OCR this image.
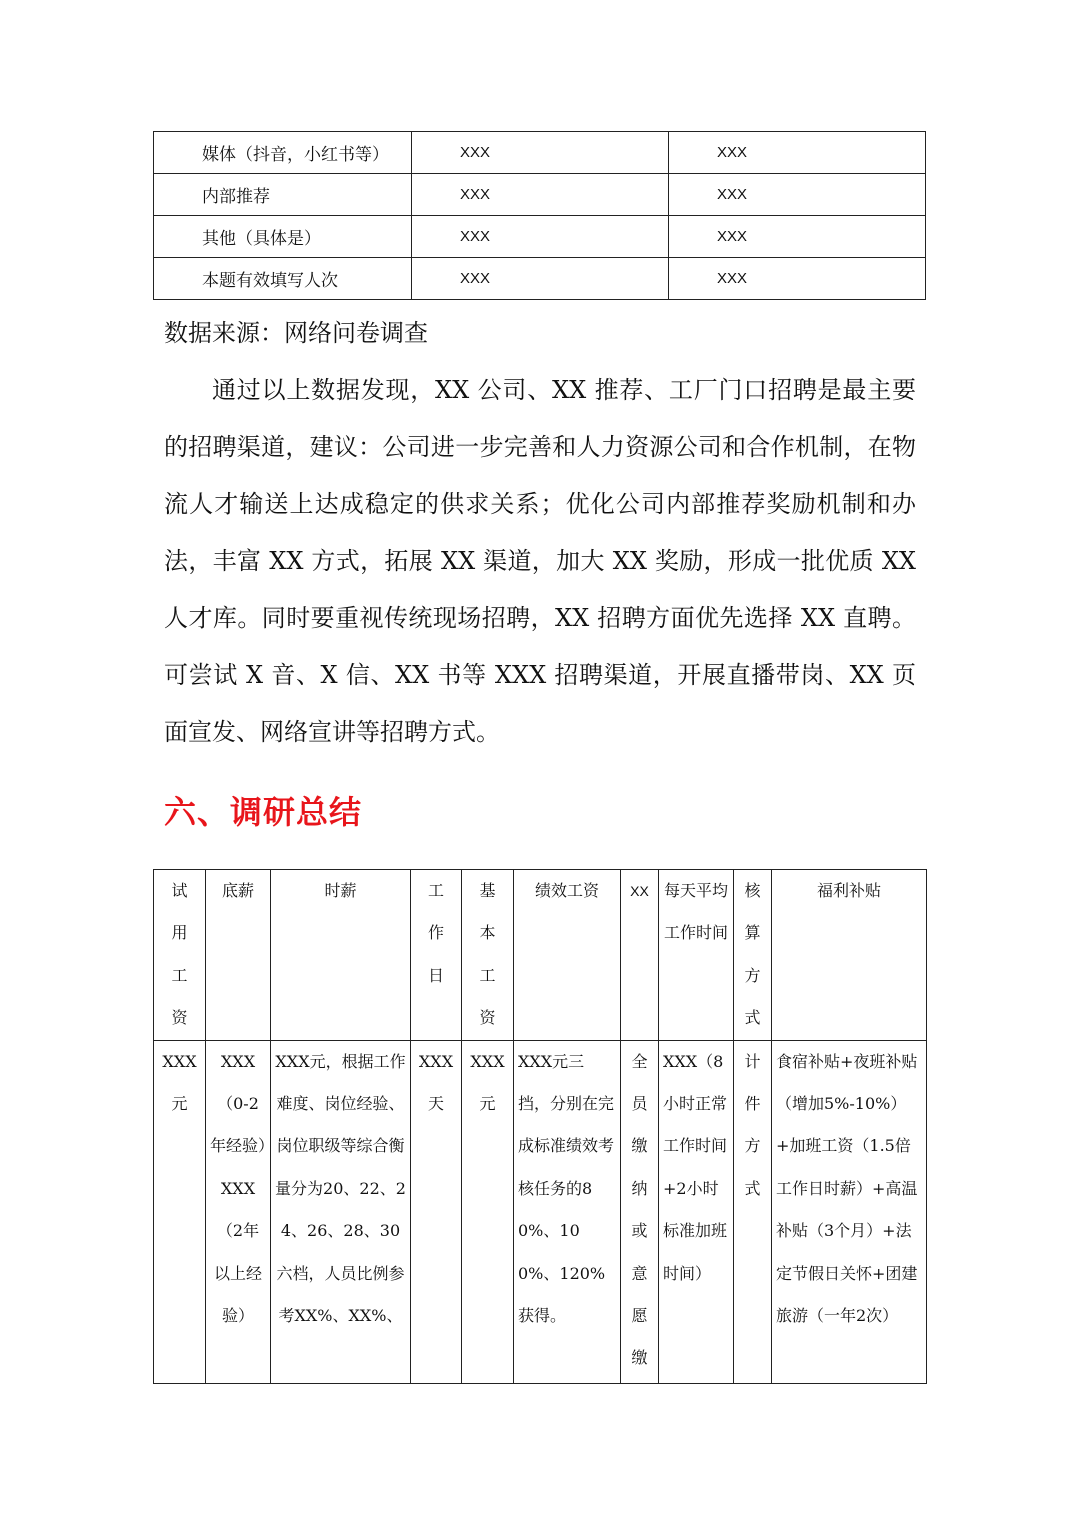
媒体（抖音，小红书等）	XXX	XXX
内部推荐	XXX	XXX
其他（具体是）	XXX	XXX
本题有效填写人次	XXX	XXX

数据来源：网络问卷调查

通过以上数据发现，XX 公司、XX 推荐、工厂门口招聘是最主要的招聘渠道，建议：公司进一步完善和人力资源公司和合作机制，在物流人才输送上达成稳定的供求关系；优化公司内部推荐奖励机制和办法，丰富 XX 方式，拓展 XX 渠道，加大 XX 奖励，形成一批优质 XX 人才库。同时要重视传统现场招聘，XX 招聘方面优先选择 XX 直聘。可尝试 X 音、X 信、XX 书等 XXX 招聘渠道，开展直播带岗、XX 页面宣发、网络宣讲等招聘方式。

六、调研总结
试用工资	底薪	时薪	工作日	基本工资	绩效工资	XX	每天平均工作时间	核算方式	福利补贴

XXX元	XXX（0-2年经验）XXX（2年以上经验）	XXX元，根据工作难度、岗位经验、岗位职级等综合衡量分为20、22、24、26、28、30六档，人员比例参考XX%、XX%、	XXX天	XXX元	XXX元三挡，分别在完成标准绩效考核任务的80%、100%、120%获得。	全员缴纳或意愿缴	XXX（8小时正常工作时间+2小时标准加班时间）	计件方式	食宿补贴+夜班补贴（增加5%-10%）+加班工资（1.5倍工作日时薪）+高温补贴（3个月）+法定节假日关怀+团建旅游（一年2次）
